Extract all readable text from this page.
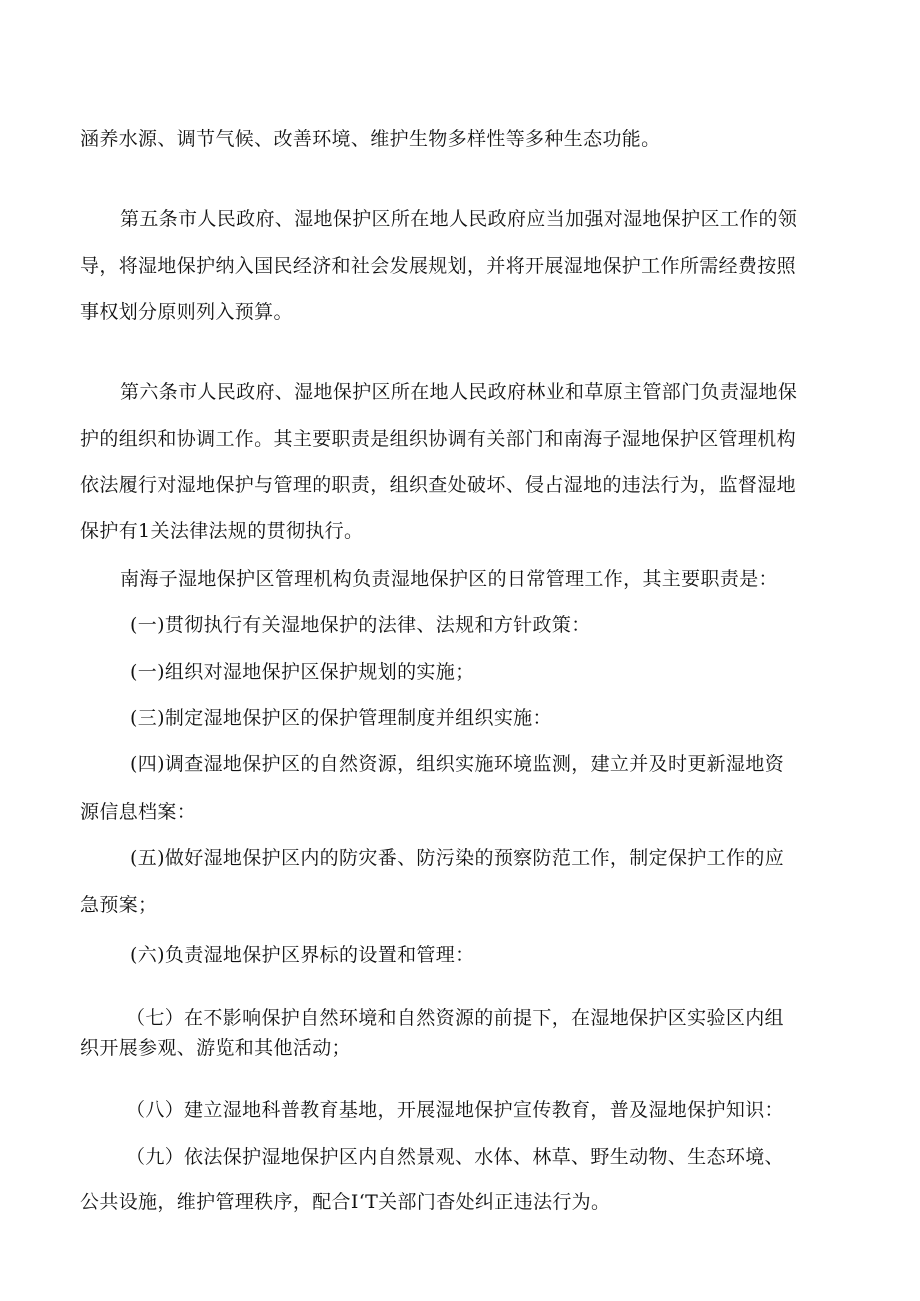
涵养水源、调节气候、改善环境、维护生物多样性等多种生态功能。
第五条市人民政府、湿地保护区所在地人民政府应当加强对湿地保护区工作的领
导，将湿地保护纳入国民经济和社会发展规划，并将开展湿地保护工作所需经费按照
事权划分原则列入预算。
第六条市人民政府、湿地保护区所在地人民政府林业和草原主管部门负责湿地保
护的组织和协调工作。其主要职责是组织协调有关部门和南海子湿地保护区管理机构
依法履行对湿地保护与管理的职责，组织查处破坏、侵占湿地的违法行为，监督湿地
保护有1关法律法规的贯彻执行。
南海子湿地保护区管理机构负责湿地保护区的日常管理工作，其主要职责是：
(一)贯彻执行有关湿地保护的法律、法规和方针政策：
(一)组织对湿地保护区保护规划的实施；
(三)制定湿地保护区的保护管理制度并组织实施：
(四)调查湿地保护区的自然资源，组织实施环境监测，建立并及时更新湿地资
源信息档案：
(五)做好湿地保护区内的防灾番、防污染的预察防范工作，制定保护工作的应
急预案；
(六)负责湿地保护区界标的设置和管理：
（七）在不影响保护自然环境和自然资源的前提下，在湿地保护区实验区内组
织开展参观、游览和其他活动；
（八）建立湿地科普教育基地，开展湿地保护宣传教育，普及湿地保护知识：
（九）依法保护湿地保护区内自然景观、水体、林草、野生动物、生态环境、
公共设施，维护管理秩序，配合I‘T关部门杳处纠正违法行为。
